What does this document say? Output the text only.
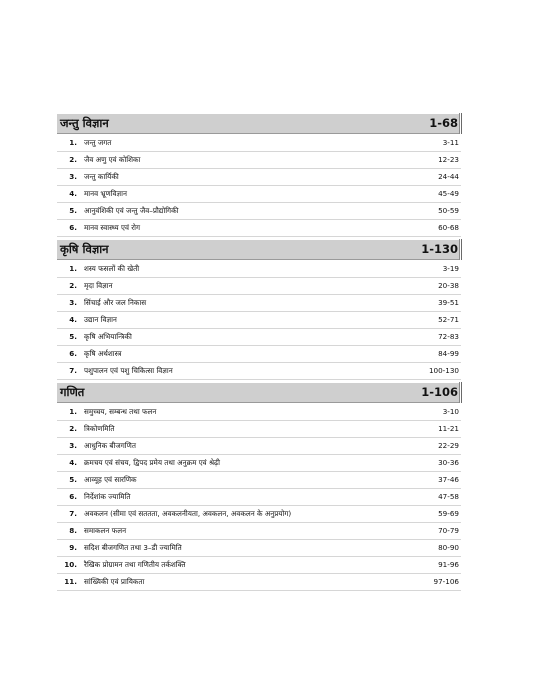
जन्तु विज्ञान	1-68
1. जन्तु जगत	3-11
2. जैव अणु एवं कोशिका	12-23
3. जन्तु कार्यिकी	24-44
4. मानव भ्रूणविज्ञान	45-49
5. आनुवंशिकी एवं जन्तु जैव–प्रौद्योगिकी	50-59
6. मानव स्वास्थ्य एवं रोग	60-68
कृषि विज्ञान	1-130
1. शस्य फसलों की खेती	3-19
2. मृदा विज्ञान	20-38
3. सिंचाई और जल निकास	39-51
4. उद्यान विज्ञान	52-71
5. कृषि अभियान्त्रिकी	72-83
6. कृषि अर्थशास्त्र	84-99
7. पशुपालन एवं पशु चिकित्सा विज्ञान	100-130
गणित	1-106
1. समुच्चय, सम्बन्ध तथा फलन	3-10
2. त्रिकोणमिति	11-21
3. आधुनिक बीजगणित	22-29
4. क्रमचय एवं संचय, द्विपद प्रमेय तथा अनुक्रम एवं श्रेढ़ी	30-36
5. आव्यूह एवं सारणिक	37-46
6. निर्देशांक ज्यामिति	47-58
7. अवकलन (सीमा एवं सततता, अवकलनीयता, अवकलन, अवकलन के अनुप्रयोग)	59-69
8. समाकलन फलन	70-79
9. सदिश बीजगणित तथा 3–डी ज्यामिति	80-90
10. रैखिक प्रोग्रामन तथा गणितीय तर्कशक्ति	91-96
11. सांख्यिकी एवं प्रायिकता	97-106
